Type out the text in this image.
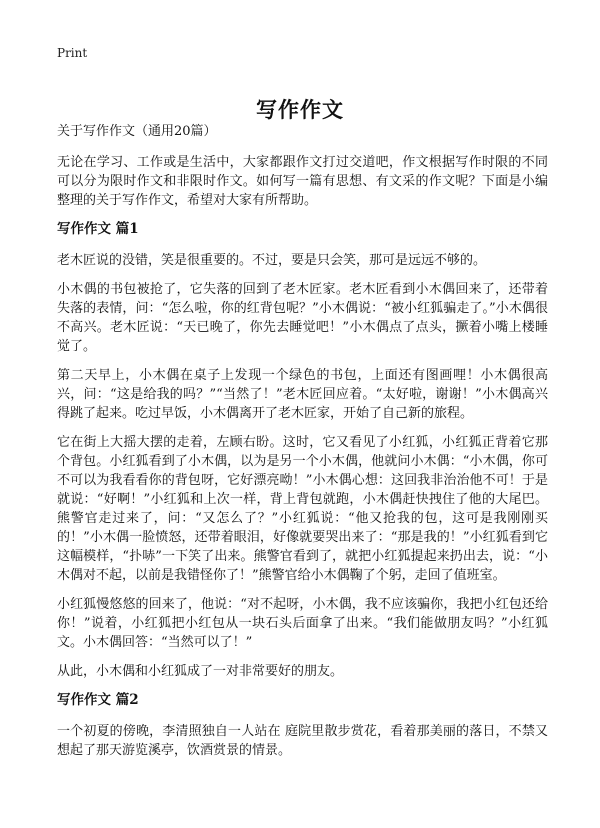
Print
写作作文

关于写作作文（通用20篇）

无论在学习、工作或是生活中，大家都跟作文打过交道吧，作文根据写作时限的不同可以分为限时作文和非限时作文。如何写一篇有思想、有文采的作文呢？下面是小编整理的关于写作作文，希望对大家有所帮助。

写作作文 篇1

老木匠说的没错，笑是很重要的。不过，要是只会笑，那可是远远不够的。

小木偶的书包被抢了，它失落的回到了老木匠家。老木匠看到小木偶回来了，还带着失落的表情，问：“怎么啦，你的红背包呢？”小木偶说：“被小红狐骗走了。”小木偶很不高兴。老木匠说：“天已晚了，你先去睡觉吧！”小木偶点了点头，撅着小嘴上楼睡觉了。

第二天早上，小木偶在桌子上发现一个绿色的书包，上面还有图画哩！小木偶很高兴，问：“这是给我的吗？”“当然了！”老木匠回应着。“太好啦，谢谢！”小木偶高兴得跳了起来。吃过早饭，小木偶离开了老木匠家，开始了自己新的旅程。

它在街上大摇大摆的走着，左顾右盼。这时，它又看见了小红狐，小红狐正背着它那个背包。小红狐看到了小木偶，以为是另一个小木偶，他就问小木偶：“小木偶，你可不可以为我看看你的背包呀，它好漂亮呦！”小木偶心想：这回我非治治他不可！于是就说：“好啊！”小红狐和上次一样，背上背包就跑，小木偶赶快拽住了他的大尾巴。熊警官走过来了，问：“又怎么了？”小红狐说：“他又抢我的包，这可是我刚刚买的！”小木偶一脸愤怒，还带着眼泪，好像就要哭出来了：“那是我的！”小红狐看到它这幅模样，“扑哧”一下笑了出来。熊警官看到了，就把小红狐提起来扔出去，说：“小木偶对不起，以前是我错怪你了！”熊警官给小木偶鞠了个躬，走回了值班室。

小红狐慢悠悠的回来了，他说：“对不起呀，小木偶，我不应该骗你，我把小红包还给你！”说着，小红狐把小红包从一块石头后面拿了出来。“我们能做朋友吗？”小红狐文。小木偶回答：“当然可以了！”

从此，小木偶和小红狐成了一对非常要好的朋友。

写作作文 篇2

一个初夏的傍晚，李清照独自一人站在 庭院里散步赏花，看着那美丽的落日，不禁又 想起了那天游览溪亭，饮酒赏景的情景。
